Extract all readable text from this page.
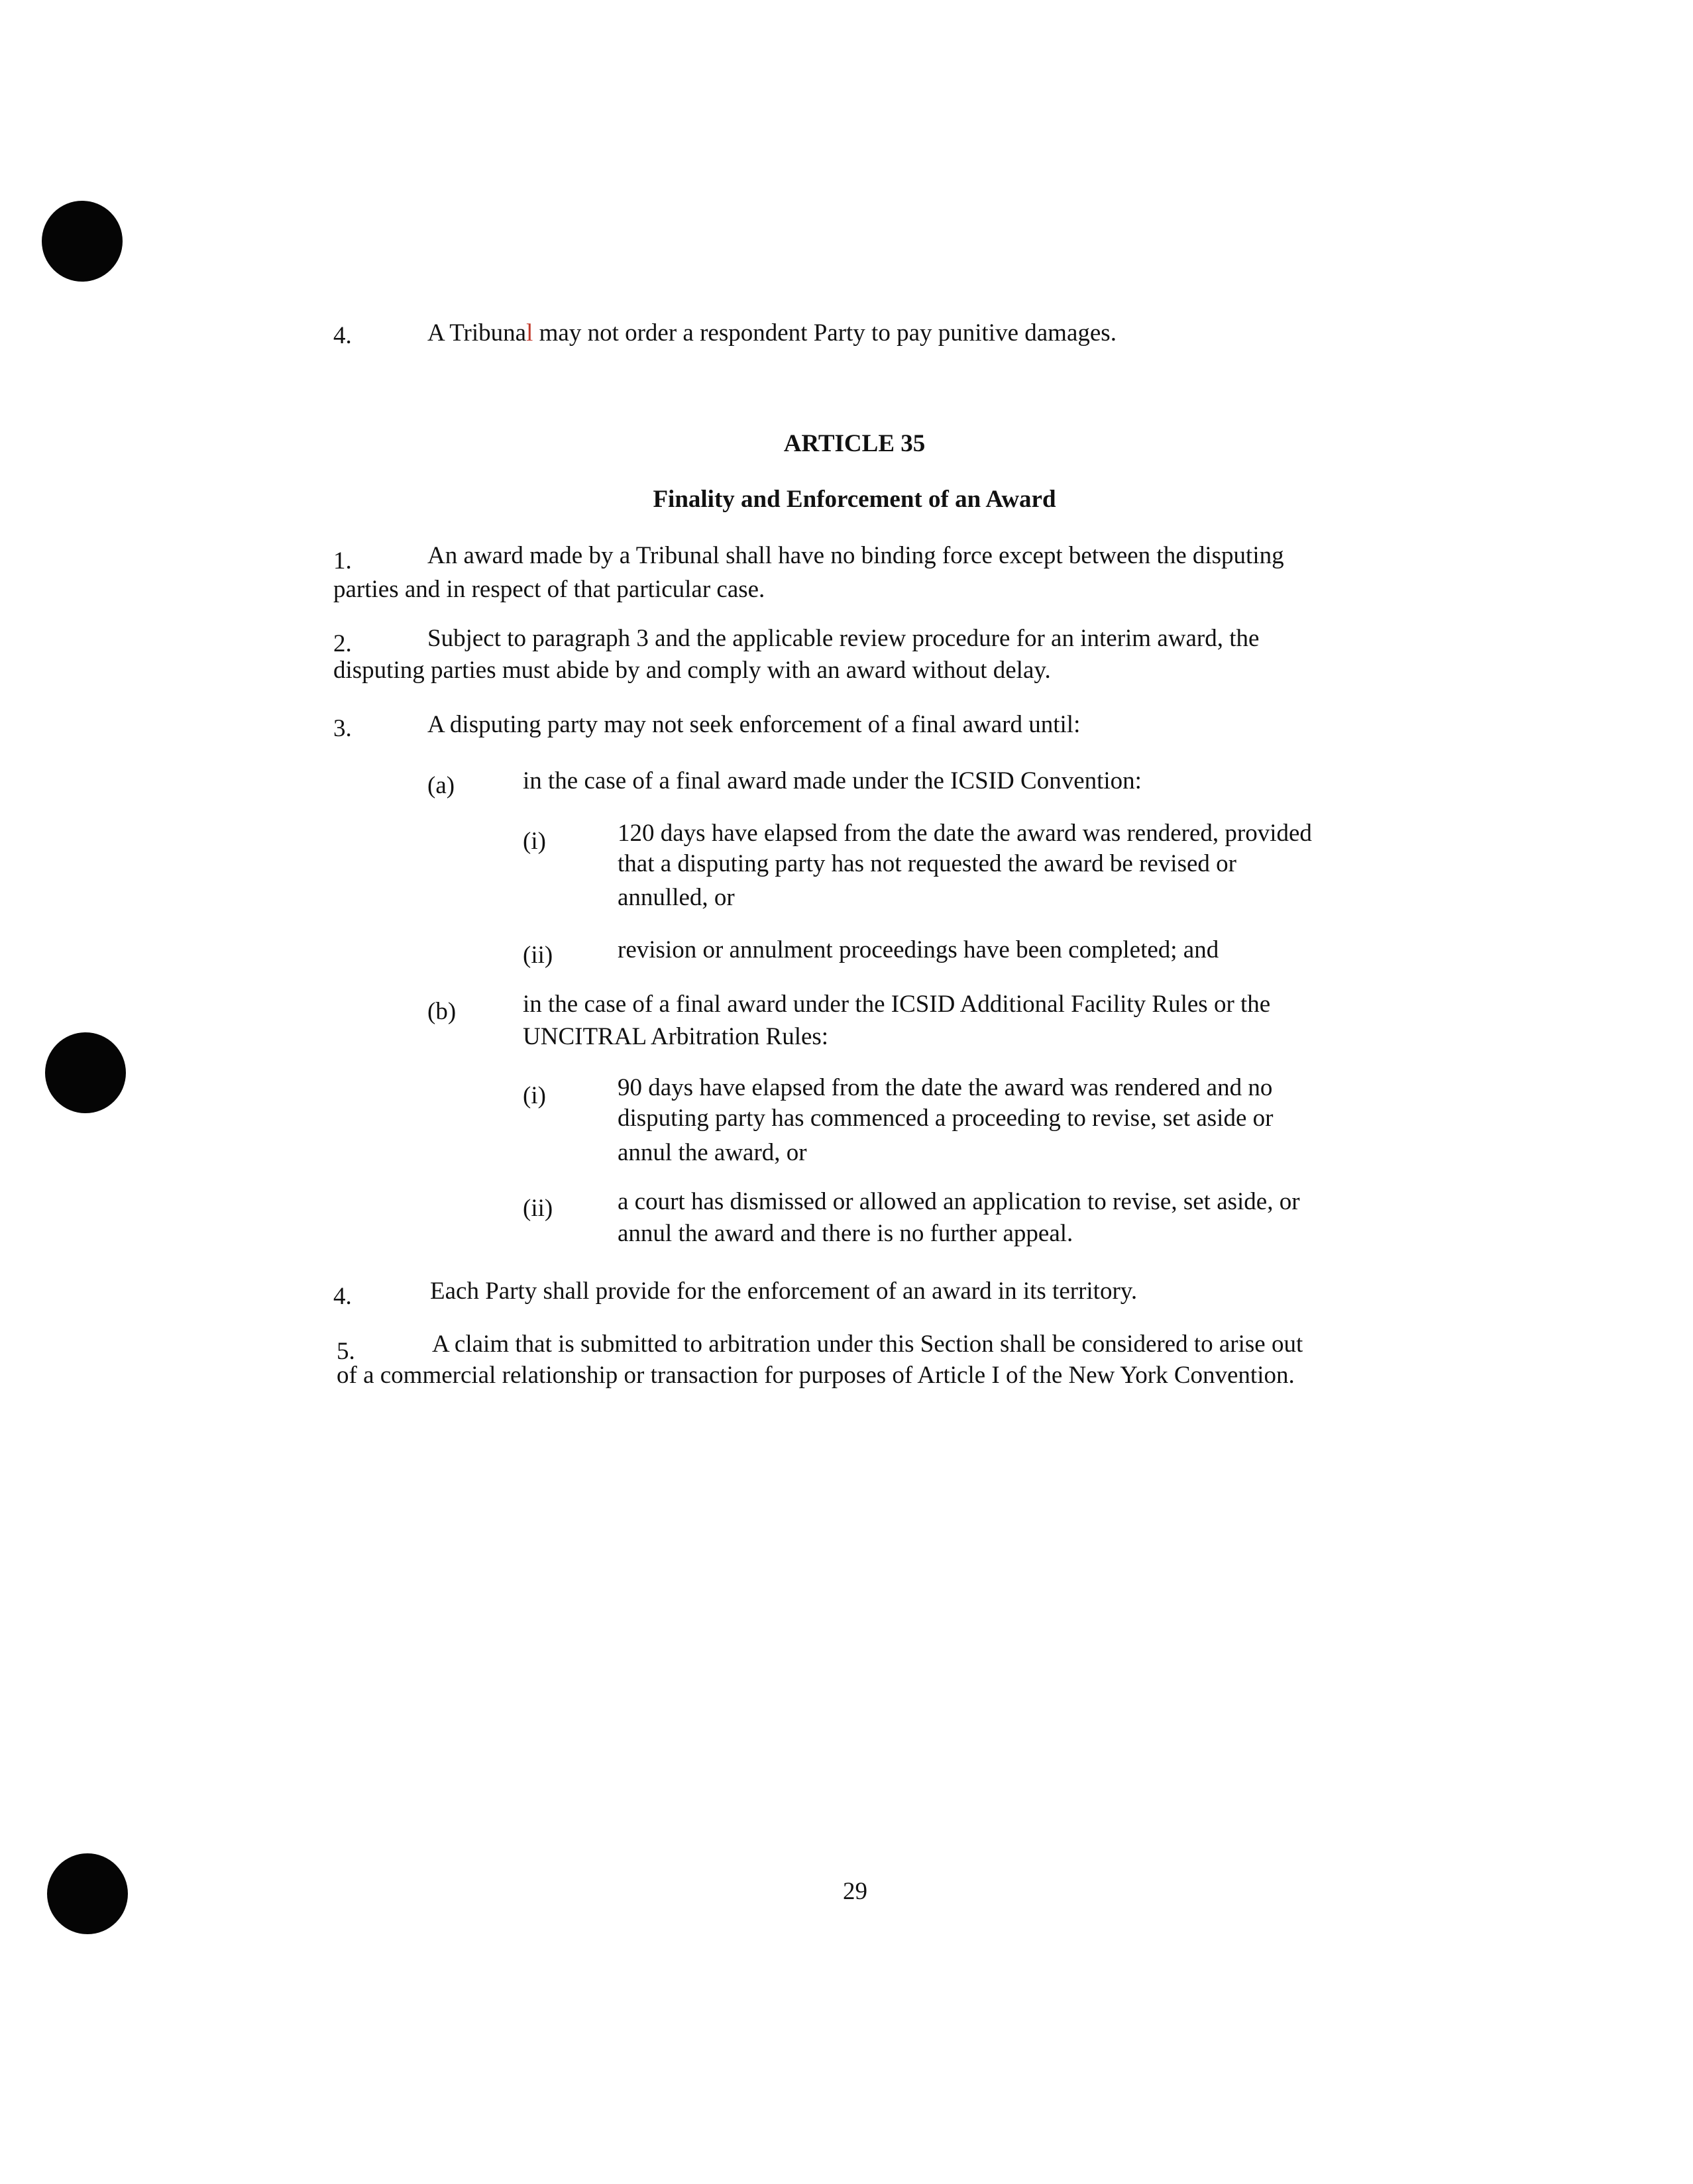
4.	A Tribunal may not order a respondent Party to pay punitive damages.
ARTICLE 35
Finality and Enforcement of an Award
1.	An award made by a Tribunal shall have no binding force except between the disputing
parties and in respect of that particular case.
2.	Subject to paragraph 3 and the applicable review procedure for an interim award, the
disputing parties must abide by and comply with an award without delay.
3.	A disputing party may not seek enforcement of a final award until:
(a)	in the case of a final award made under the ICSID Convention:
(i)	120 days have elapsed from the date the award was rendered, provided
that a disputing party has not requested the award be revised or
annulled, or
(ii)	revision or annulment proceedings have been completed; and
(b)	in the case of a final award under the ICSID Additional Facility Rules or the
UNCITRAL Arbitration Rules:
(i)	90 days have elapsed from the date the award was rendered and no
disputing party has commenced a proceeding to revise, set aside or
annul the award, or
(ii)	a court has dismissed or allowed an application to revise, set aside, or
annul the award and there is no further appeal.
4.	Each Party shall provide for the enforcement of an award in its territory.
5.	A claim that is submitted to arbitration under this Section shall be considered to arise out
of a commercial relationship or transaction for purposes of Article I of the New York Convention.
29
